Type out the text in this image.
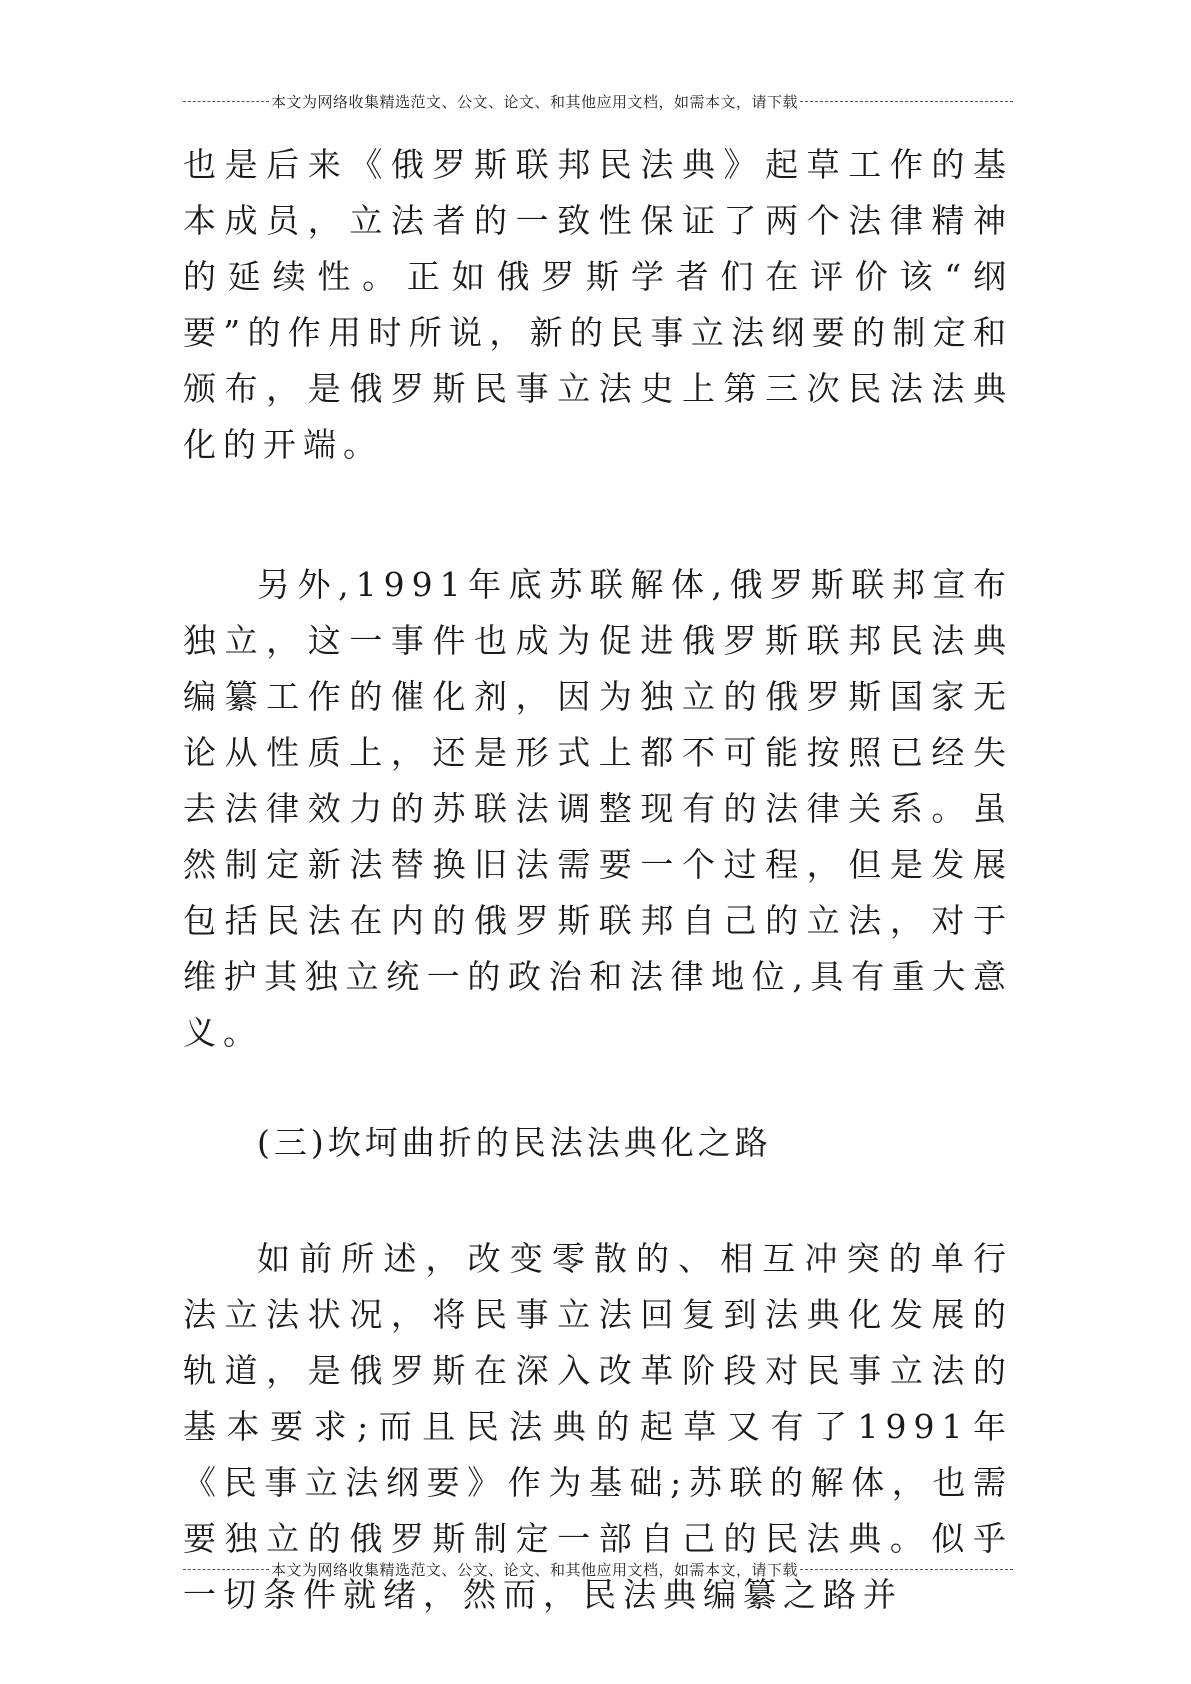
本文为网络收集精选范文、公文、论文、和其他应用文档，如需本文，请下载

也是后来《俄罗斯联邦民法典》起草工作的基本成员，立法者的一致性保证了两个法律精神的延续性。正如俄罗斯学者们在评价该“纲要”的作用时所说，新的民事立法纲要的制定和颁布，是俄罗斯民事立法史上第三次民法法典化的开端。

另外,1991年底苏联解体,俄罗斯联邦宣布独立，这一事件也成为促进俄罗斯联邦民法典编纂工作的催化剂，因为独立的俄罗斯国家无论从性质上，还是形式上都不可能按照已经失去法律效力的苏联法调整现有的法律关系。虽然制定新法替换旧法需要一个过程，但是发展包括民法在内的俄罗斯联邦自己的立法，对于维护其独立统一的政治和法律地位,具有重大意义。

(三)坎坷曲折的民法法典化之路

如前所述，改变零散的、相互冲突的单行法立法状况，将民事立法回复到法典化发展的轨道，是俄罗斯在深入改革阶段对民事立法的基本要求;而且民法典的起草又有了1991年《民事立法纲要》作为基础;苏联的解体，也需要独立的俄罗斯制定一部自己的民法典。似乎一切条件就绪，然而，民法典编纂之路并

本文为网络收集精选范文、公文、论文、和其他应用文档，如需本文，请下载
